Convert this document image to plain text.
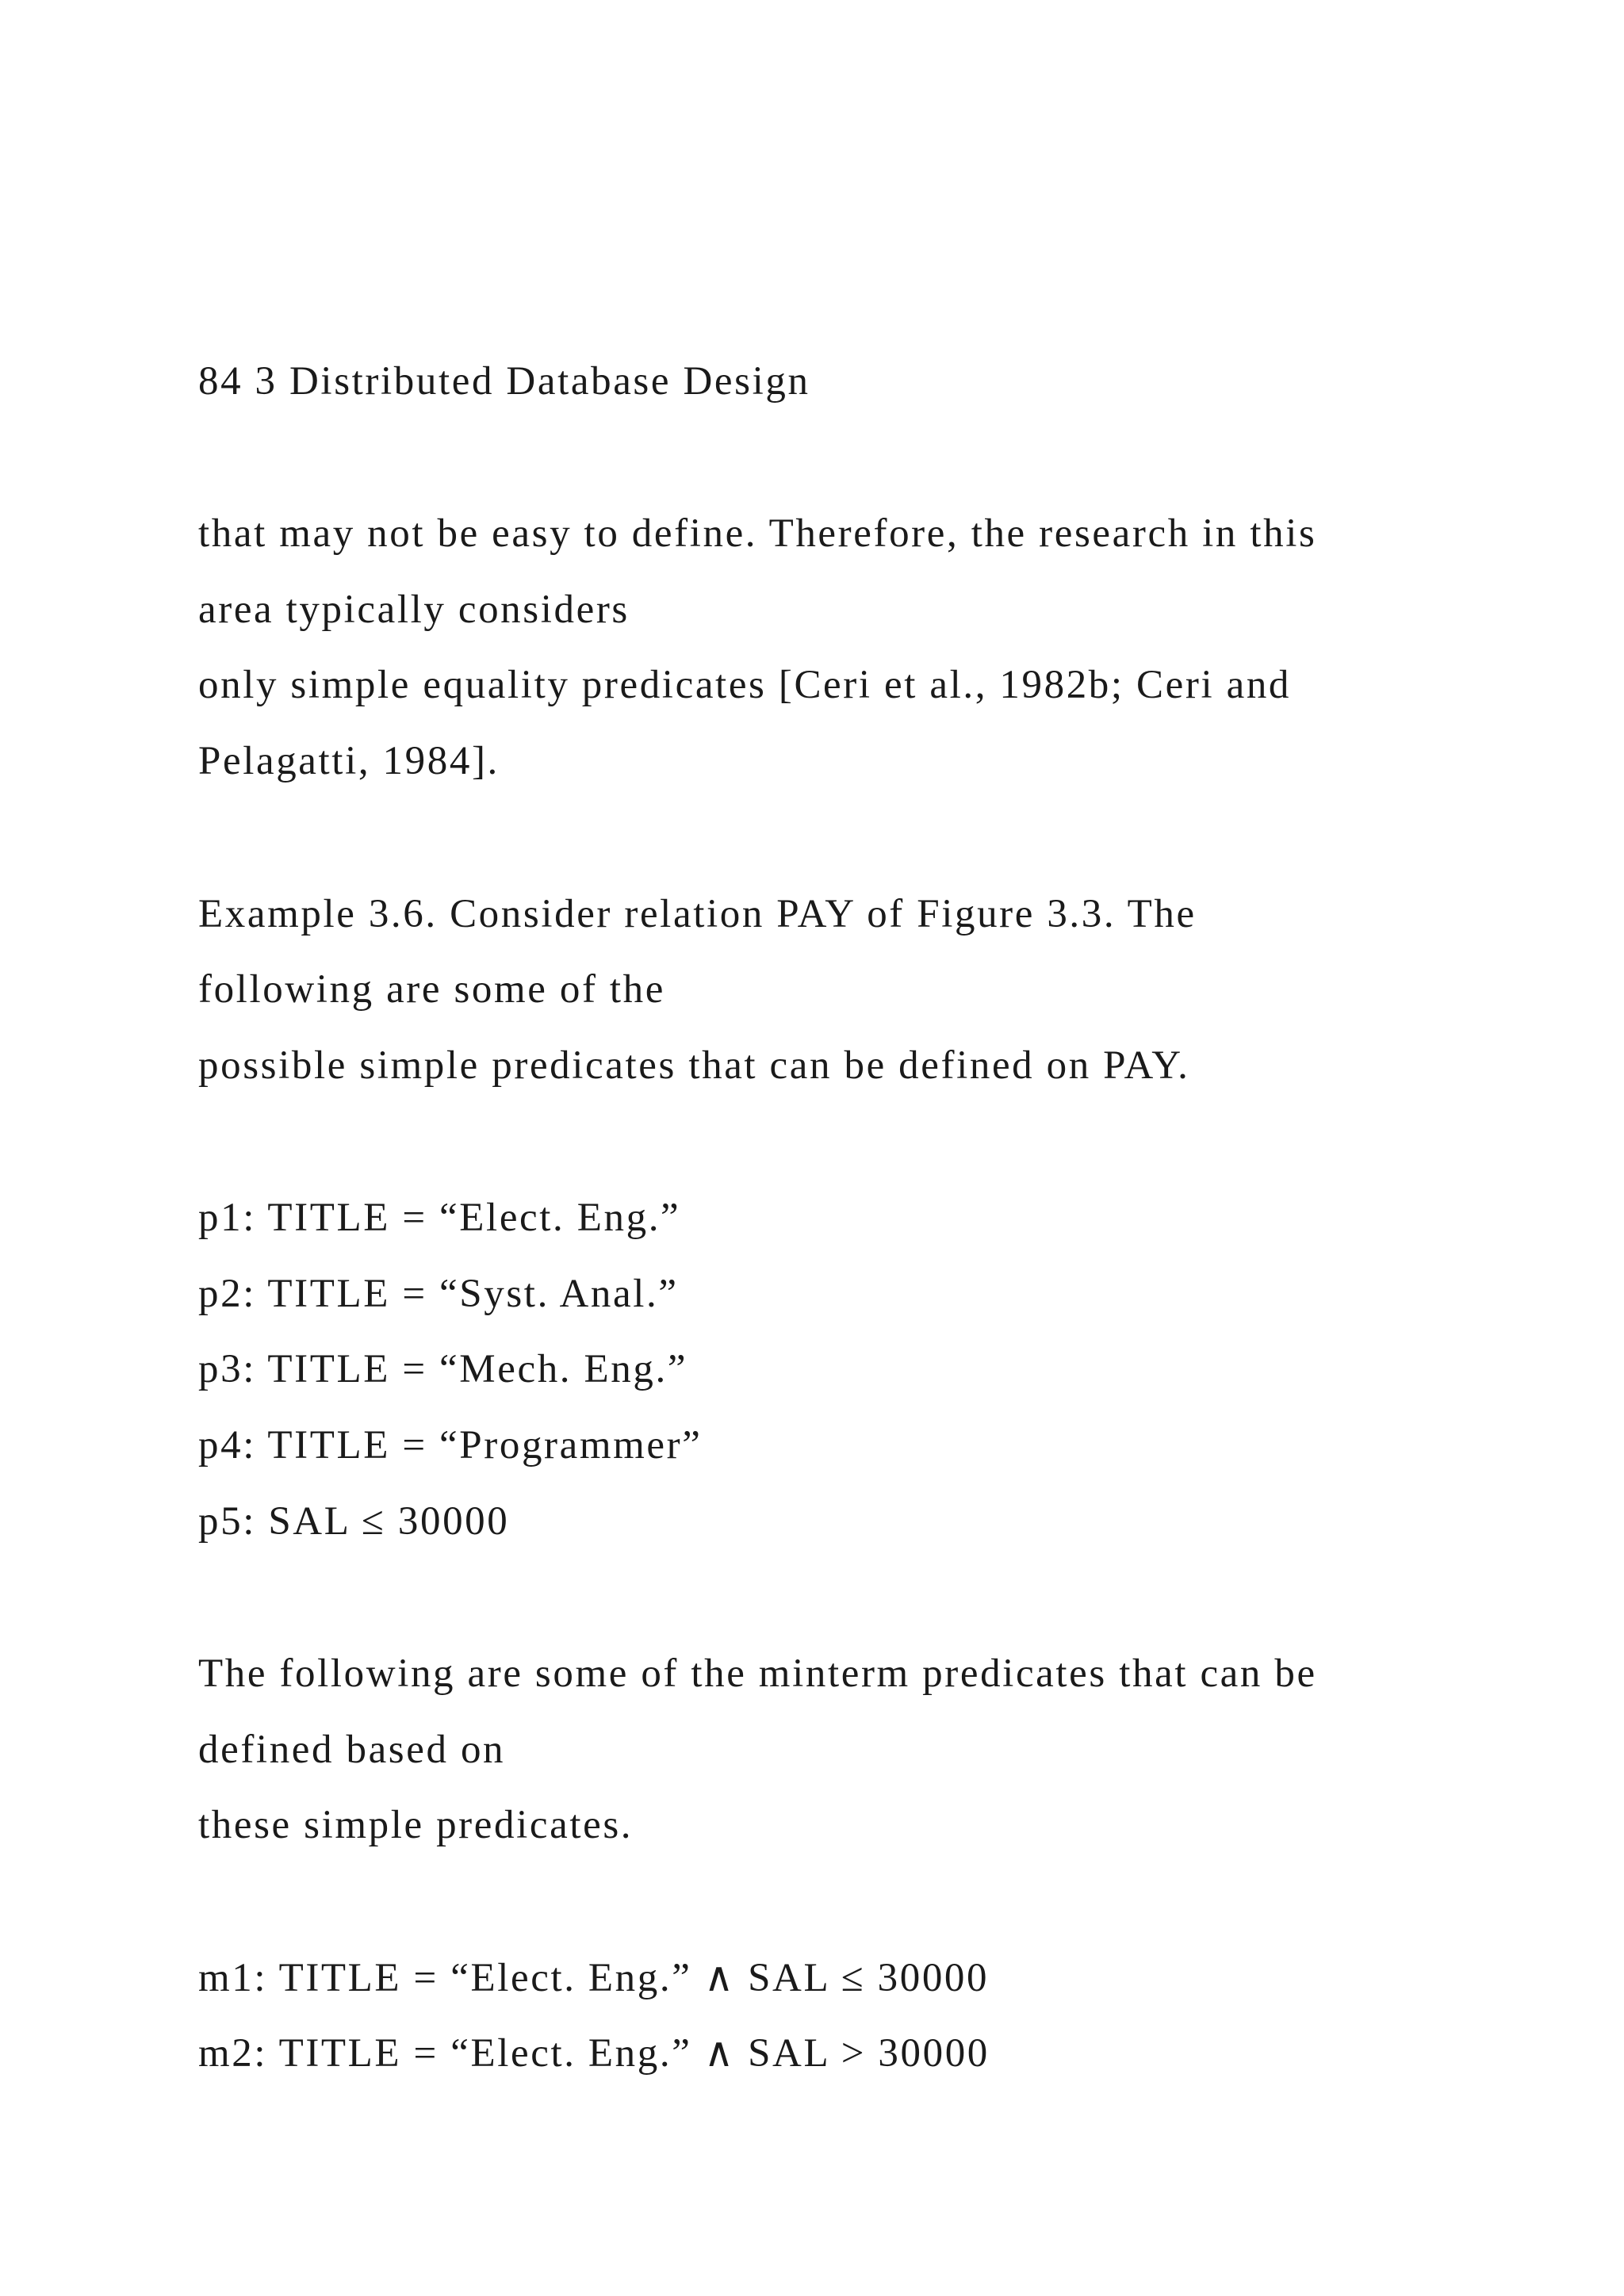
84 3 Distributed Database Design

that may not be easy to define. Therefore, the research in this

area typically considers

only simple equality predicates [Ceri et al., 1982b; Ceri and

Pelagatti, 1984].

Example 3.6. Consider relation PAY of Figure 3.3. The

following are some of the

possible simple predicates that can be defined on PAY.

p1: TITLE = “Elect. Eng.”

p2: TITLE = “Syst. Anal.”

p3: TITLE = “Mech. Eng.”

p4: TITLE = “Programmer”

p5: SAL ≤ 30000

The following are some of the minterm predicates that can be

defined based on

these simple predicates.

m1: TITLE = “Elect. Eng.” ∧ SAL ≤ 30000

m2: TITLE = “Elect. Eng.” ∧ SAL > 30000
